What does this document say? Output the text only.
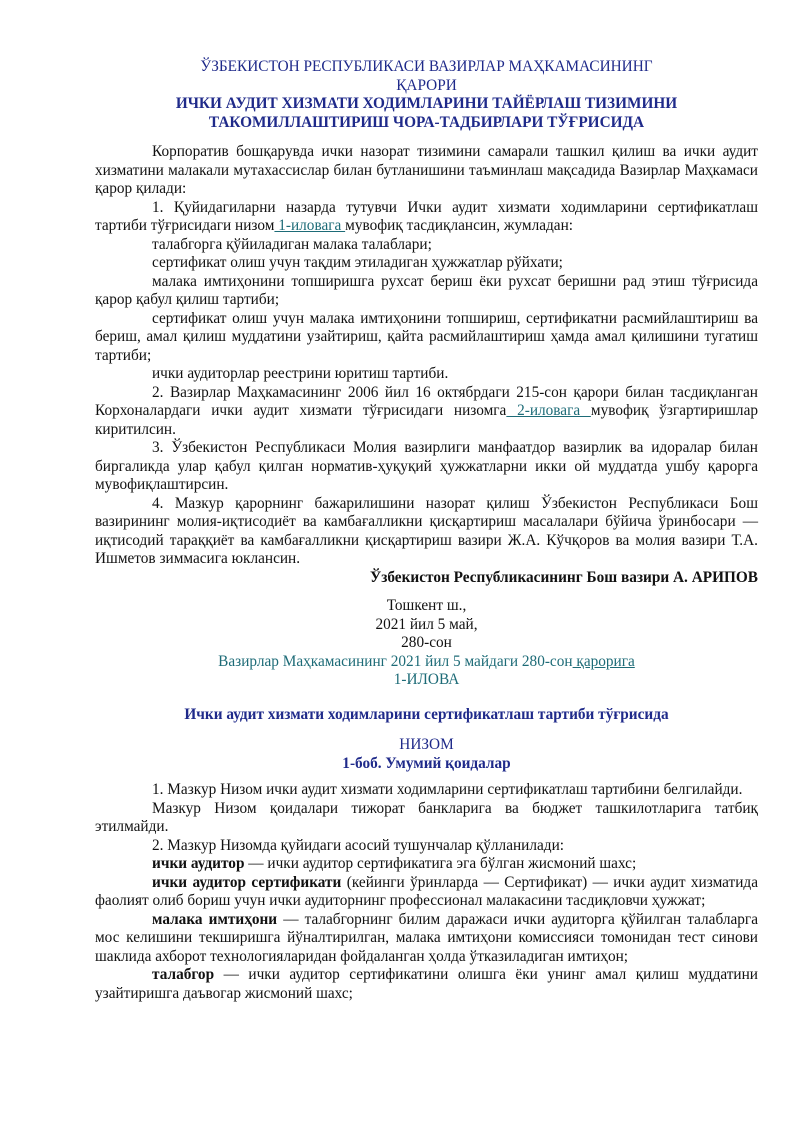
ЎЗБЕКИСТОН РЕСПУБЛИКАСИ ВАЗИРЛАР МАҲКАМАСИНИНГ
ҚАРОРИ
ИЧКИ АУДИТ ХИЗМАТИ ХОДИМЛАРИНИ ТАЙЁРЛАШ ТИЗИМИНИ
ТАКОМИЛЛАШТИРИШ ЧОРА-ТАДБИРЛАРИ ТЎҒРИСИДА

Корпоратив бошқарувда ички назорат тизимини самарали ташкил қилиш ва ички аудит хизматини малакали мутахассислар билан бутланишини таъминлаш мақсадида Вазирлар Маҳкамаси қарор қилади:

1. Қуйидагиларни назарда тутувчи Ички аудит хизмати ходимларини сертификатлаш тартиби тўғрисидаги низом 1-иловага мувофиқ тасдиқлансин, жумладан:

талабгорга қўйиладиган малака талаблари;

сертификат олиш учун тақдим этиладиган ҳужжатлар рўйхати;

малака имтиҳонини топширишга рухсат бериш ёки рухсат беришни рад этиш тўғрисида қарор қабул қилиш тартиби;

сертификат олиш учун малака имтиҳонини топшириш, сертификатни расмийлаштириш ва бериш, амал қилиш муддатини узайтириш, қайта расмийлаштириш ҳамда амал қилишини тугатиш тартиби;

ички аудиторлар реестрини юритиш тартиби.

2. Вазирлар Маҳкамасининг 2006 йил 16 октябрдаги 215-сон қарори билан тасдиқланган Корхоналардаги ички аудит хизмати тўғрисидаги низомга 2-иловага мувофиқ ўзгартиришлар киритилсин.

3. Ўзбекистон Республикаси Молия вазирлиги манфаатдор вазирлик ва идоралар билан биргаликда улар қабул қилган норматив-ҳуқуқий ҳужжатларни икки ой муддатда ушбу қарорга мувофиқлаштирсин.

4. Мазкур қарорнинг бажарилишини назорат қилиш Ўзбекистон Республикаси Бош вазирининг молия-иқтисодиёт ва камбағалликни қисқартириш масалалари бўйича ўринбосари — иқтисодий тараққиёт ва камбағалликни қисқартириш вазири Ж.А. Кўчқоров ва молия вазири Т.А. Ишметов зиммасига юклансин.

Ўзбекистон Республикасининг Бош вазири А. АРИПОВ
Тошкент ш.,
2021 йил 5 май,
280-сон
Вазирлар Маҳкамасининг 2021 йил 5 майдаги 280-сон қарорига
1-ИЛОВА
Ички аудит хизмати ходимларини сертификатлаш тартиби тўғрисида
НИЗОМ
1-боб. Умумий қоидалар

1. Мазкур Низом ички аудит хизмати ходимларини сертификатлаш тартибини белгилайди.

Мазкур Низом қоидалари тижорат банкларига ва бюджет ташкилотларига татбиқ этилмайди.

2. Мазкур Низомда қуйидаги асосий тушунчалар қўлланилади:

ички аудитор — ички аудитор сертификатига эга бўлган жисмоний шахс;

ички аудитор сертификати (кейинги ўринларда — Сертификат) — ички аудит хизматида фаолият олиб бориш учун ички аудиторнинг профессионал малакасини тасдиқловчи ҳужжат;

малака имтиҳони — талабгорнинг билим даражаси ички аудиторга қўйилган талабларга мос келишини текширишга йўналтирилган, малака имтиҳони комиссияси томонидан тест синови шаклида ахборот технологияларидан фойдаланган ҳолда ўтказиладиган имтиҳон;

талабгор — ички аудитор сертификатини олишга ёки унинг амал қилиш муддатини узайтиришга даъвогар жисмоний шахс;
